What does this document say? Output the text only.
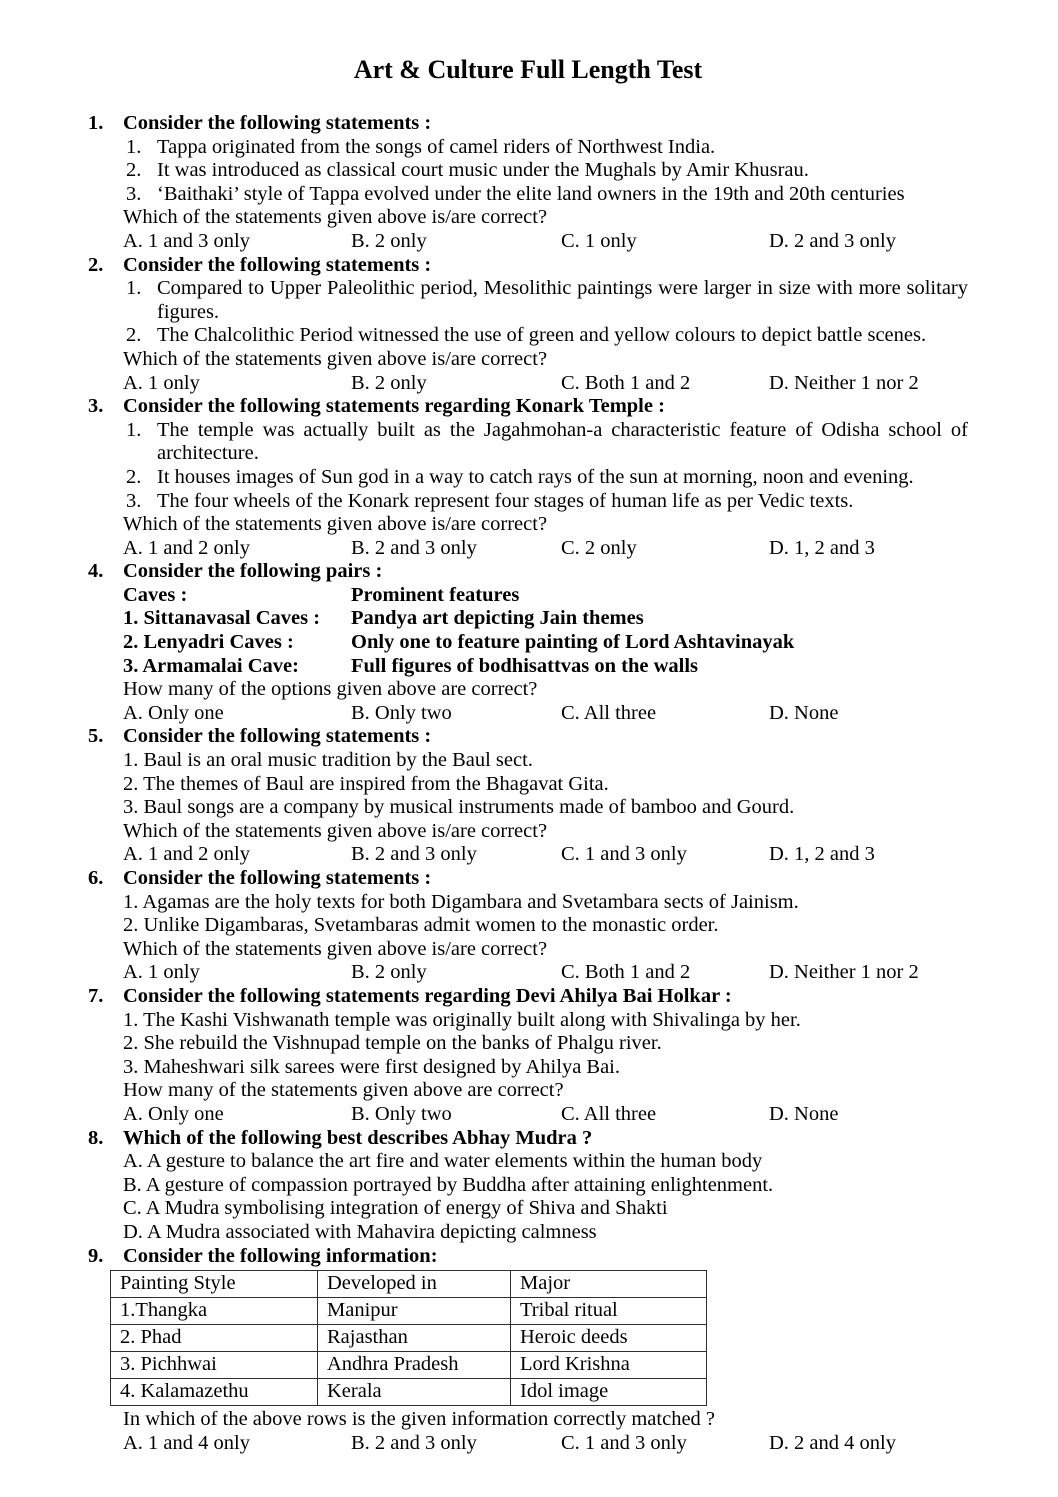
Art & Culture Full Length Test
1. Consider the following statements :
1. Tappa originated from the songs of camel riders of Northwest India.
2. It was introduced as classical court music under the Mughals by Amir Khusrau.
3. ‘Baithaki’ style of Tappa evolved under the elite land owners in the 19th and 20th centuries
Which of the statements given above is/are correct?
A. 1 and 3 only	B. 2 only	C. 1 only	D. 2 and 3 only
2. Consider the following statements :
1. Compared to Upper Paleolithic period, Mesolithic paintings were larger in size with more solitary figures.
2. The Chalcolithic Period witnessed the use of green and yellow colours to depict battle scenes.
Which of the statements given above is/are correct?
A. 1 only	B. 2 only	C. Both 1 and 2	D. Neither 1 nor 2
3. Consider the following statements regarding Konark Temple :
1. The temple was actually built as the Jagahmohan-a characteristic feature of Odisha school of architecture.
2. It houses images of Sun god in a way to catch rays of the sun at morning, noon and evening.
3. The four wheels of the Konark represent four stages of human life as per Vedic texts.
Which of the statements given above is/are correct?
A. 1 and 2 only	B. 2 and 3 only	C. 2 only	D. 1, 2 and 3
4. Consider the following pairs :
Caves :	Prominent features
1. Sittanavasal Caves :	Pandya art depicting Jain themes
2. Lenyadri Caves :	Only one to feature painting of Lord Ashtavinayak
3. Armamalai Cave:	Full figures of bodhisattvas on the walls
How many of the options given above are correct?
A. Only one	B. Only two	C. All three	D. None
5. Consider the following statements :
1. Baul is an oral music tradition by the Baul sect.
2. The themes of Baul are inspired from the Bhagavat Gita.
3. Baul songs are a company by musical instruments made of bamboo and Gourd.
Which of the statements given above is/are correct?
A. 1 and 2 only	B. 2 and 3 only	C. 1 and 3 only	D. 1, 2 and 3
6. Consider the following statements :
1. Agamas are the holy texts for both Digambara and Svetambara sects of Jainism.
2. Unlike Digambaras, Svetambaras admit women to the monastic order.
Which of the statements given above is/are correct?
A. 1 only	B. 2 only	C. Both 1 and 2	D. Neither 1 nor 2
7. Consider the following statements regarding Devi Ahilya Bai Holkar :
1. The Kashi Vishwanath temple was originally built along with Shivalinga by her.
2. She rebuild the Vishnupad temple on the banks of Phalgu river.
3. Maheshwari silk sarees were first designed by Ahilya Bai.
How many of the statements given above are correct?
A. Only one	B. Only two	C. All three	D. None
8. Which of the following best describes Abhay Mudra ?
A. A gesture to balance the art fire and water elements within the human body
B. A gesture of compassion portrayed by Buddha after attaining enlightenment.
C. A Mudra symbolising integration of energy of Shiva and Shakti
D. A Mudra associated with Mahavira depicting calmness
9. Consider the following information:
Painting Style	Developed in	Major
1.Thangka	Manipur	Tribal ritual
2. Phad	Rajasthan	Heroic deeds
3. Pichhwai	Andhra Pradesh	Lord Krishna
4. Kalamazethu	Kerala	Idol image
In which of the above rows is the given information correctly matched ?
A. 1 and 4 only	B. 2 and 3 only	C. 1 and 3 only	D. 2 and 4 only
